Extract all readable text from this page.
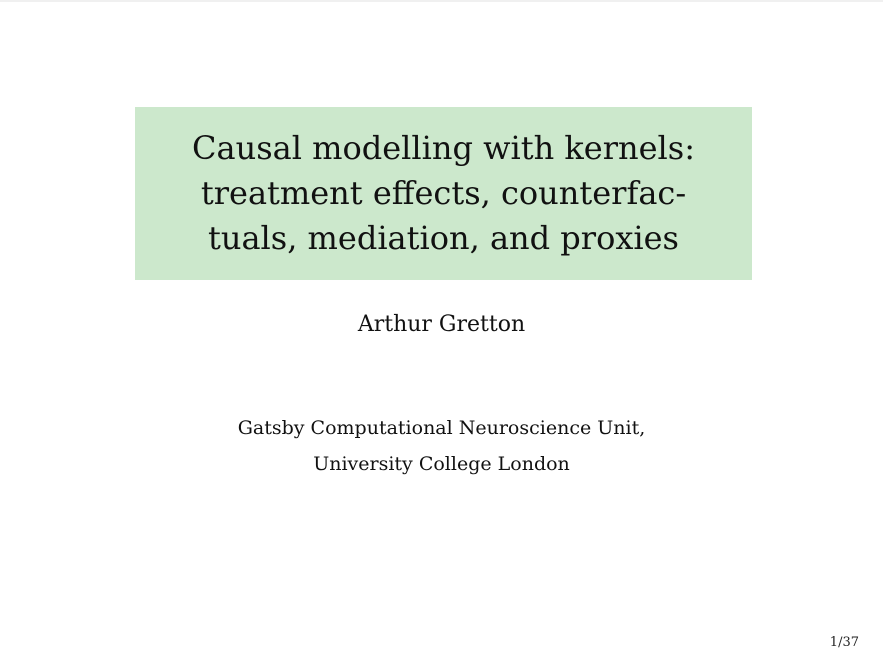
Causal modelling with kernels:
treatment effects, counterfac-
tuals, mediation, and proxies
Arthur Gretton
Gatsby Computational Neuroscience Unit,
University College London
1/37
